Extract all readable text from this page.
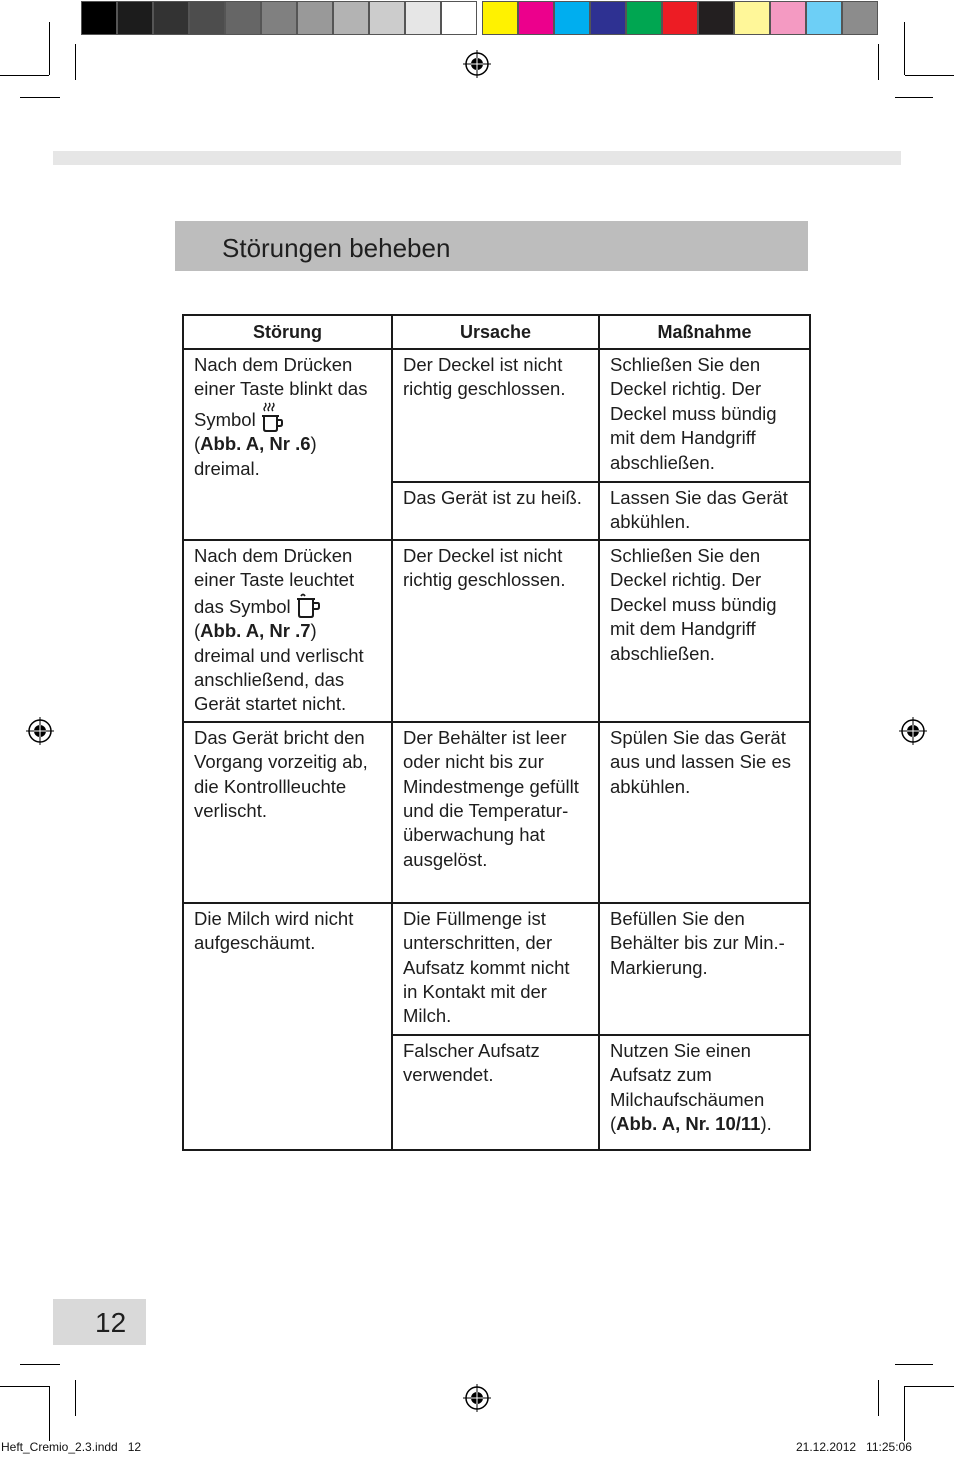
Störungen beheben
Störung	Ursache	Maßnahme
Nach dem Drücken einer Taste blinkt das Symbol
(Abb. A, Nr .6)
dreimal.	Der Deckel ist nicht richtig geschlossen.	Schließen Sie den Deckel richtig. Der Deckel muss bündig mit dem Handgriff abschließen.
	Das Gerät ist zu heiß.	Lassen Sie das Gerät abkühlen.
Nach dem Drücken einer Taste leuchtet das Symbol
(Abb. A, Nr .7)
dreimal und verlischt anschließend, das Gerät startet nicht.	Der Deckel ist nicht richtig geschlossen.	Schließen Sie den Deckel richtig. Der Deckel muss bündig mit dem Handgriff abschließen.
Das Gerät bricht den Vorgang vorzeitig ab, die Kontrollleuchte verlischt.	Der Behälter ist leer oder nicht bis zur Mindestmenge gefüllt und die Temperatur-überwachung hat ausgelöst.	Spülen Sie das Gerät aus und lassen Sie es abkühlen.
Die Milch wird nicht aufgeschäumt.	Die Füllmenge ist unterschritten, der Aufsatz kommt nicht in Kontakt mit der Milch.	Befüllen Sie den Behälter bis zur Min.-Markierung.
	Falscher Aufsatz verwendet.	Nutzen Sie einen Aufsatz zum Milchaufschäumen (Abb. A, Nr. 10/11).
12
Heft_Cremio_2.3.indd   12	21.12.2012   11:25:06
